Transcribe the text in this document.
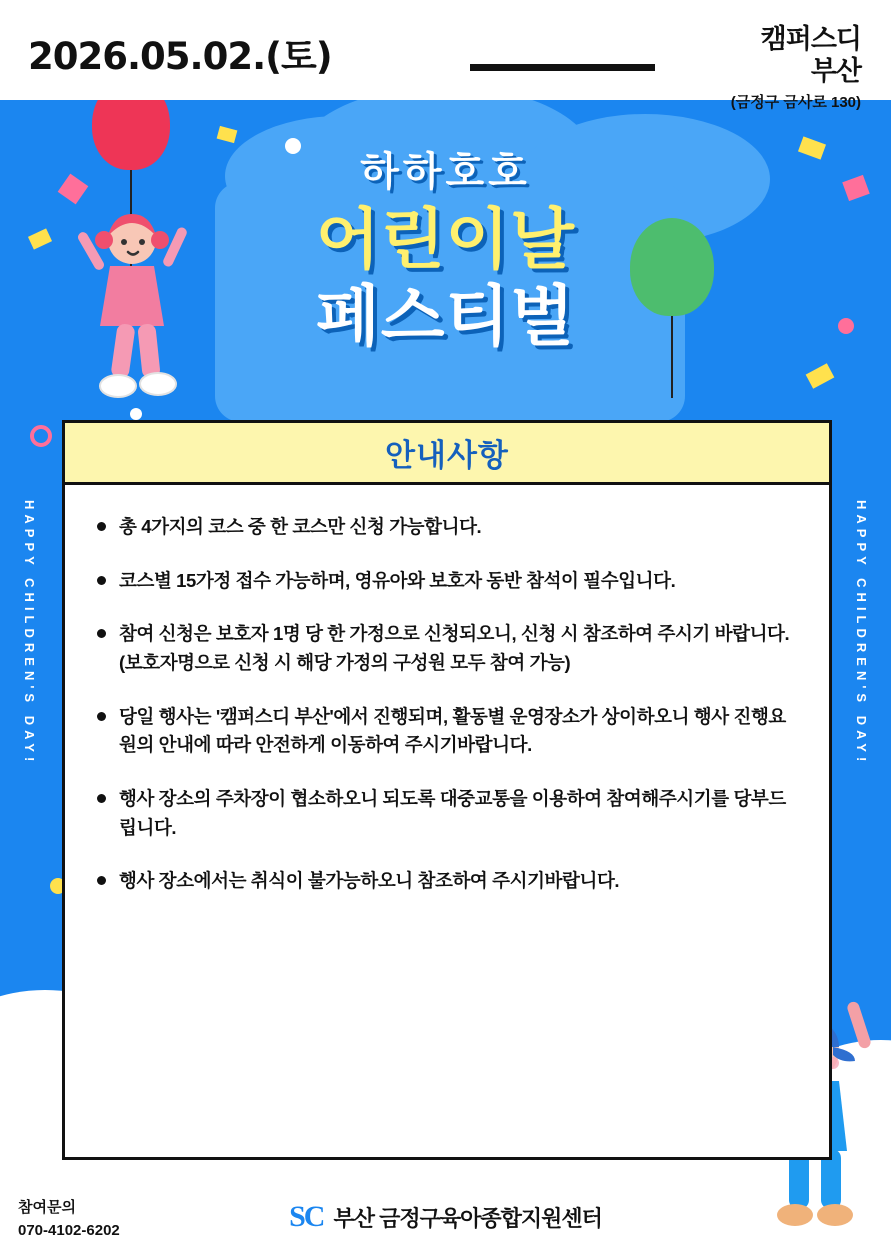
2026.05.02.(토)	캠퍼스디
부산
(금정구 금사로 130)
하하호호
어린이날
페스티벌
HAPPY CHILDREN'S DAY!	HAPPY CHILDREN'S DAY!
안내사항
총 4가지의 코스 중 한 코스만 신청 가능합니다.
코스별 15가정 접수 가능하며, 영유아와 보호자 동반 참석이 필수입니다.
참여 신청은 보호자 1명 당 한 가정으로 신청되오니, 신청 시 참조하여 주시기 바랍니다.(보호자명으로 신청 시 해당 가정의 구성원 모두 참여 가능)
당일 행사는 '캠퍼스디 부산'에서 진행되며, 활동별 운영장소가 상이하오니 행사 진행요원의 안내에 따라 안전하게 이동하여 주시기바랍니다.
행사 장소의 주차장이 협소하오니 되도록 대중교통을 이용하여 참여해주시기를 당부드립니다.
행사 장소에서는 취식이 불가능하오니 참조하여 주시기바랍니다.
참여문의
070-4102-6202	SC 부산 금정구육아종합지원센터
